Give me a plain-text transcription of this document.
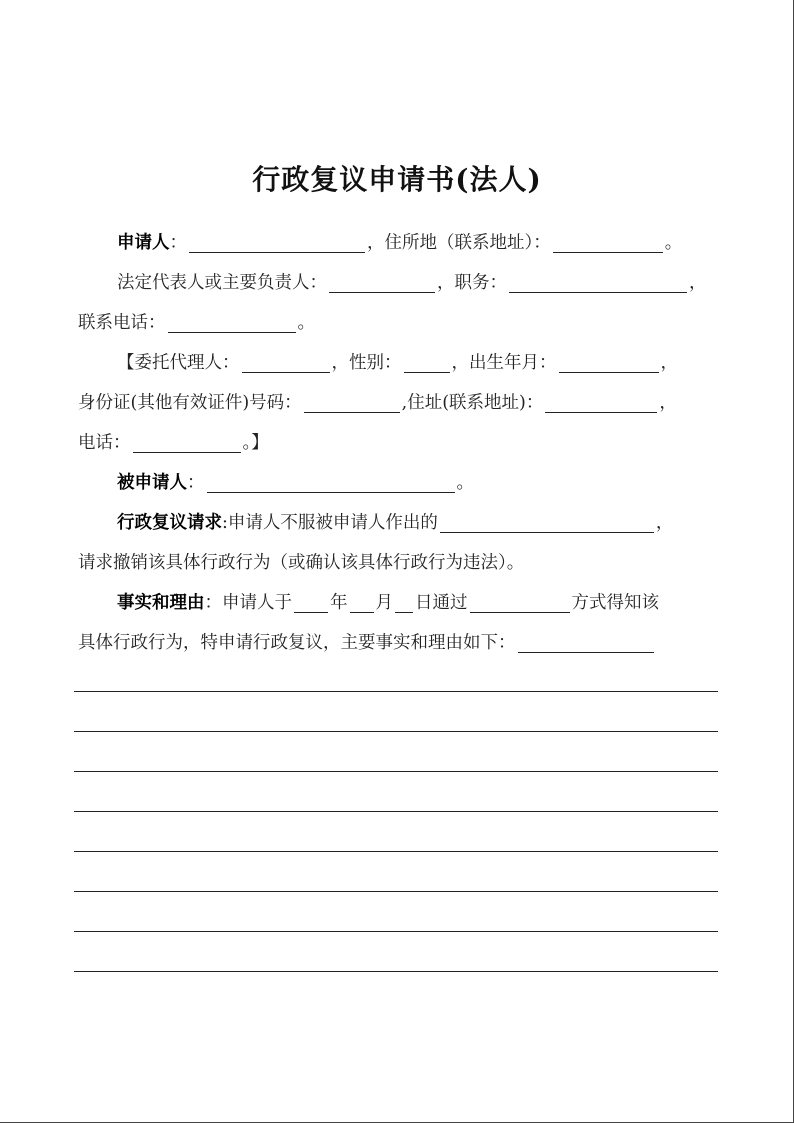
行政复议申请书(法人)
申请人：	，住所地（联系地址）：	。
法定代表人或主要负责人：	，职务：	，
联系电话：	。
【委托代理人：	，性别：	，出生年月：	，
身份证(其他有效证件)号码：	,住址(联系地址)：	，
电话：	。】
被申请人：	。
行政复议请求:申请人不服被申请人作出的	，
请求撤销该具体行政行为（或确认该具体行政行为违法）。
事实和理由：申请人于 年 月 日通过	方式得知该
具体行政行为，特申请行政复议，主要事实和理由如下：
